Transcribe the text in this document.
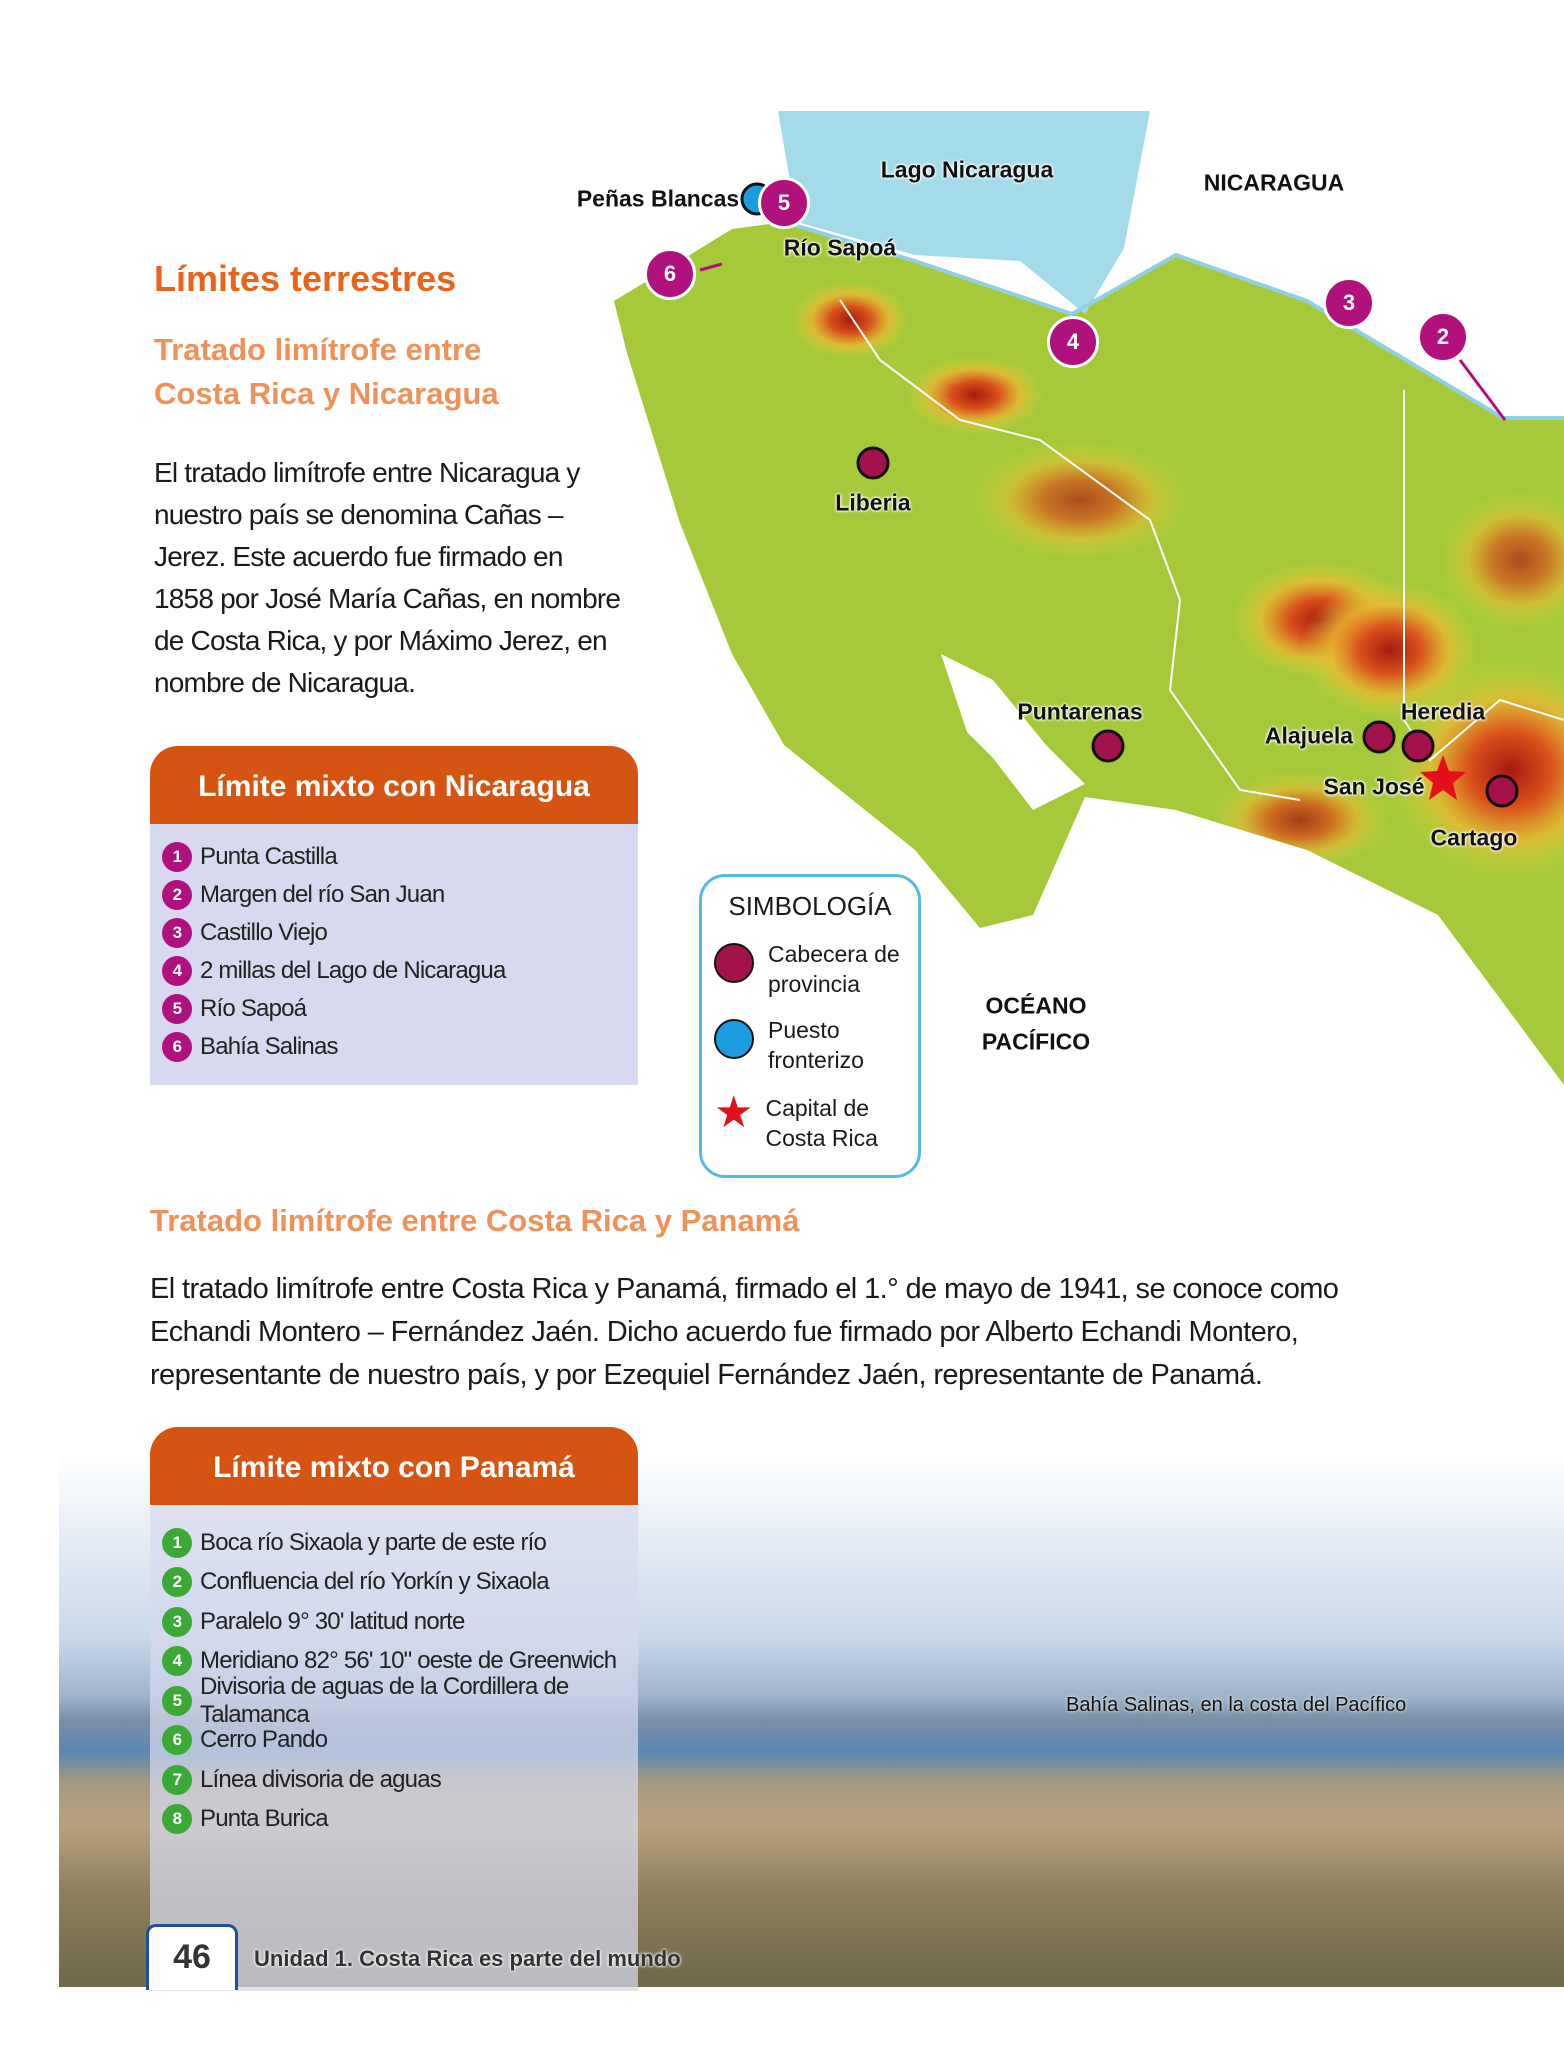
Bahía Salinas, en la costa del Pacífico
Lago Nicaragua	NICARAGUA
Peñas Blancas
Río Sapoá
Liberia
Puntarenas
Alajuela
Heredia
San José
Cartago
OCÉANO
PACÍFICO
5
6
4
3
2
Límites terrestres
Tratado limítrofe entre Costa Rica y Nicaragua
El tratado limítrofe entre Nicaragua y nuestro país se denomina Cañas – Jerez. Este acuerdo fue firmado en 1858 por José María Cañas, en nombre de Costa Rica, y por Máximo Jerez, en nombre de Nicaragua.
Límite mixto con Nicaragua
1 Punta Castilla
2 Margen del río San Juan
3 Castillo Viejo
4 2 millas del Lago de Nicaragua
5 Río Sapoá
6 Bahía Salinas
SIMBOLOGÍA
Cabecera de provincia
Puesto fronterizo
★ Capital de Costa Rica
Tratado limítrofe entre Costa Rica y Panamá
El tratado limítrofe entre Costa Rica y Panamá, firmado el 1.° de mayo de 1941, se conoce como Echandi Montero – Fernández Jaén. Dicho acuerdo fue firmado por Alberto Echandi Montero, representante de nuestro país, y por Ezequiel Fernández Jaén, representante de Panamá.
Límite mixto con Panamá
1 Boca río Sixaola y parte de este río
2 Confluencia del río Yorkín y Sixaola
3 Paralelo 9° 30' latitud norte
4 Meridiano 82° 56' 10" oeste de Greenwich
5
Divisoria de aguas de la Cordillera de Talamanca
6 Cerro Pando
7 Línea divisoria de aguas
8 Punta Burica
46	Unidad 1. Costa Rica es parte del mundo
